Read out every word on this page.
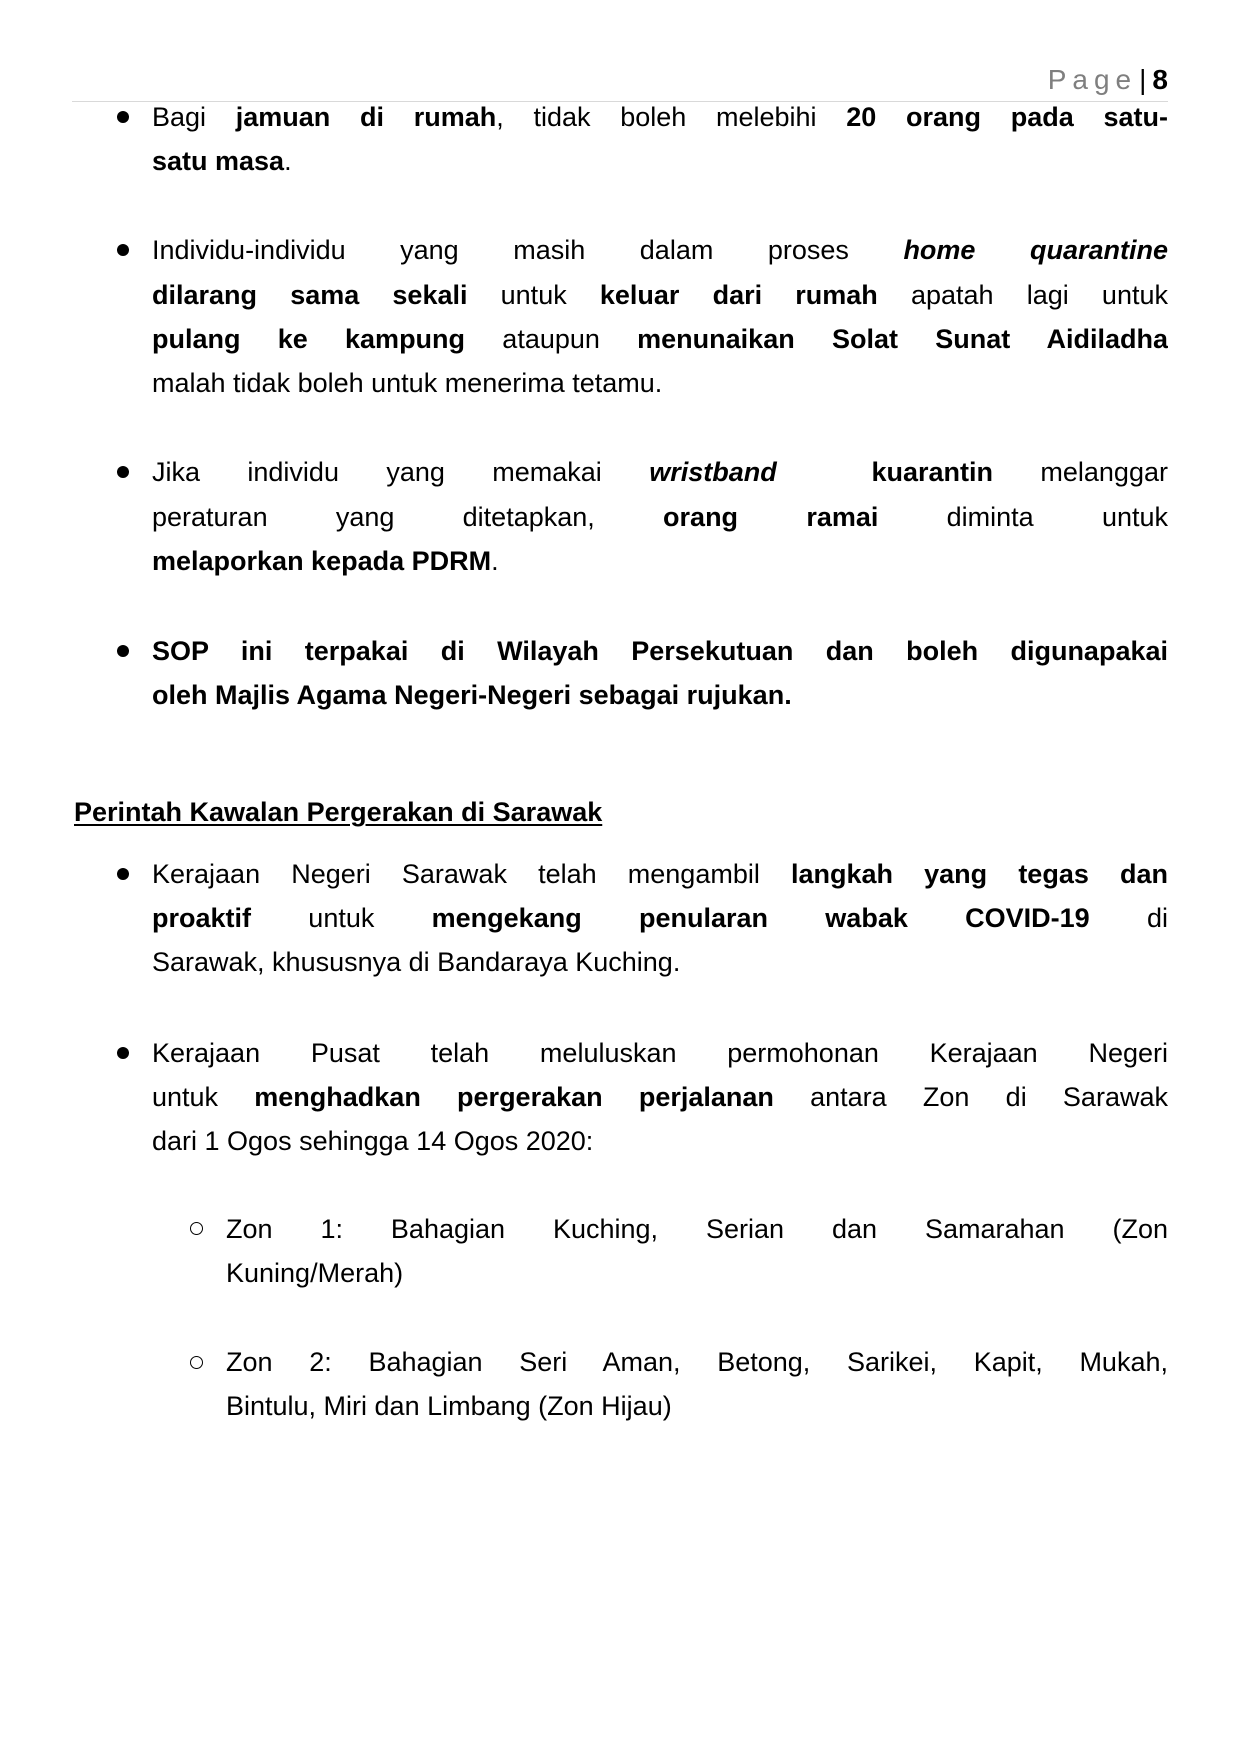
Page| 8
Bagi jamuan di rumah, tidak boleh melebihi 20 orang pada satu-
satu masa.
Individu-individu yang masih dalam proses home quarantine
dilarang sama sekali untuk keluar dari rumah apatah lagi untuk
pulang ke kampung ataupun menunaikan Solat Sunat Aidiladha
malah tidak boleh untuk menerima tetamu.
Jika individu yang memakai wristband	kuarantin melanggar
peraturan yang ditetapkan, orang ramai diminta untuk
melaporkan kepada PDRM.
SOP ini terpakai di Wilayah Persekutuan dan boleh digunapakai
oleh Majlis Agama Negeri-Negeri sebagai rujukan.
Perintah Kawalan Pergerakan di Sarawak
Kerajaan Negeri Sarawak telah mengambil langkah yang tegas dan
proaktif untuk mengekang penularan wabak COVID-19 di
Sarawak, khususnya di Bandaraya Kuching.
Kerajaan Pusat telah meluluskan permohonan Kerajaan Negeri
untuk menghadkan pergerakan perjalanan antara Zon di Sarawak
dari 1 Ogos sehingga 14 Ogos 2020:
Zon 1: Bahagian Kuching, Serian dan Samarahan (Zon
Kuning/Merah)
Zon 2: Bahagian Seri Aman, Betong, Sarikei, Kapit, Mukah,
Bintulu, Miri dan Limbang (Zon Hijau)
